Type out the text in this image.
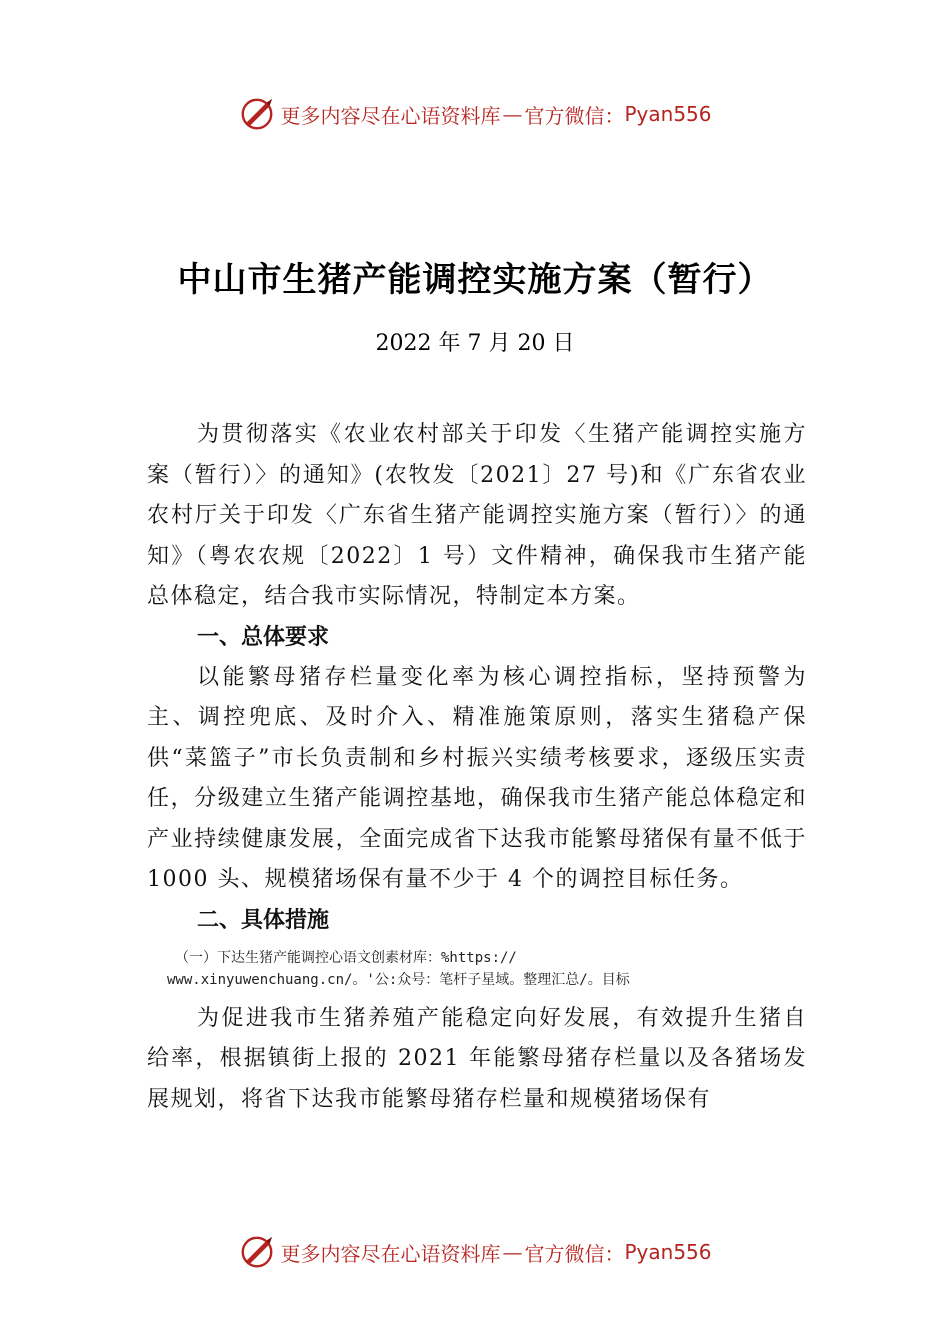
更多内容尽在心语资料库 — 官方微信： Pyan556
中山市生猪产能调控实施方案（暂行）
2022 年 7 月 20 日

为贯彻落实《农业农村部关于印发〈生猪产能调控实施方案（暂行）〉的通知》(农牧发〔2021〕27 号)和《广东省农业农村厅关于印发〈广东省生猪产能调控实施方案（暂行）〉的通知》（粤农农规〔2022〕1 号）文件精神，确保我市生猪产能总体稳定，结合我市实际情况，特制定本方案。

一、总体要求

以能繁母猪存栏量变化率为核心调控指标，坚持预警为主、调控兜底、及时介入、精准施策原则，落实生猪稳产保供“菜篮子”市长负责制和乡村振兴实绩考核要求，逐级压实责任，分级建立生猪产能调控基地，确保我市生猪产能总体稳定和产业持续健康发展，全面完成省下达我市能繁母猪保有量不低于 1000 头、规模猪场保有量不少于 4 个的调控目标任务。

二、具体措施

（一）下达生猪产能调控心语文创素材库：%https://
www.xinyuwenchuang.cn/。'公:众号：笔杆子星域。整理汇总/。目标

为促进我市生猪养殖产能稳定向好发展，有效提升生猪自给率，根据镇街上报的 2021 年能繁母猪存栏量以及各猪场发展规划，将省下达我市能繁母猪存栏量和规模猪场保有

更多内容尽在心语资料库 — 官方微信： Pyan556
